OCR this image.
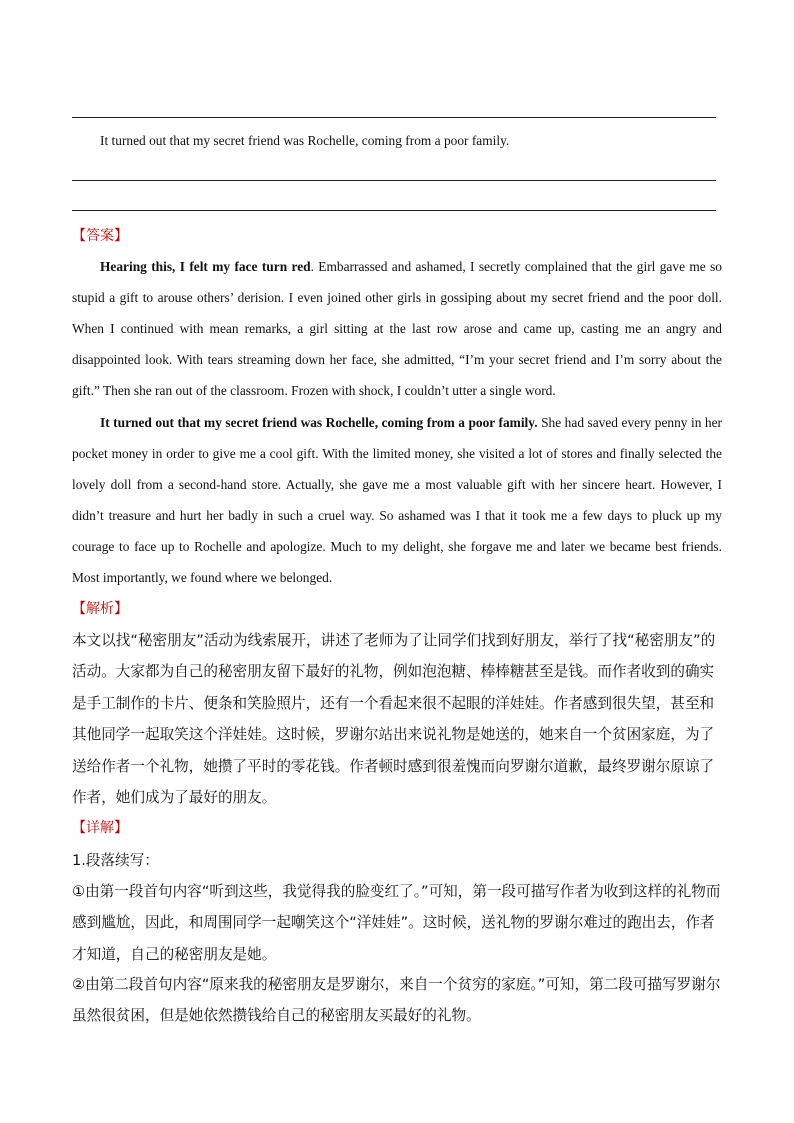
It turned out that my secret friend was Rochelle, coming from a poor family.

【答案】

Hearing this, I felt my face turn red. Embarrassed and ashamed, I secretly complained that the girl gave me so stupid a gift to arouse others’ derision. I even joined other girls in gossiping about my secret friend and the poor doll. When I continued with mean remarks, a girl sitting at the last row arose and came up, casting me an angry and disappointed look. With tears streaming down her face, she admitted, “I’m your secret friend and I’m sorry about the gift.” Then she ran out of the classroom. Frozen with shock, I couldn’t utter a single word.

It turned out that my secret friend was Rochelle, coming from a poor family. She had saved every penny in her pocket money in order to give me a cool gift. With the limited money, she visited a lot of stores and finally selected the lovely doll from a second-hand store. Actually, she gave me a most valuable gift with her sincere heart. However, I didn’t treasure and hurt her badly in such a cruel way. So ashamed was I that it took me a few days to pluck up my courage to face up to Rochelle and apologize. Much to my delight, she forgave me and later we became best friends. Most importantly, we found where we belonged.

【解析】

本文以找“秘密朋友”活动为线索展开，讲述了老师为了让同学们找到好朋友，举行了找“秘密朋友”的活动。大家都为自己的秘密朋友留下最好的礼物，例如泡泡糖、棒棒糖甚至是钱。而作者收到的确实是手工制作的卡片、便条和笑脸照片，还有一个看起来很不起眼的洋娃娃。作者感到很失望，甚至和其他同学一起取笑这个洋娃娃。这时候，罗谢尔站出来说礼物是她送的，她来自一个贫困家庭，为了送给作者一个礼物，她攒了平时的零花钱。作者顿时感到很羞愧而向罗谢尔道歉，最终罗谢尔原谅了作者，她们成为了最好的朋友。

【详解】

1.段落续写：

①由第一段首句内容“听到这些，我觉得我的脸变红了。”可知，第一段可描写作者为收到这样的礼物而感到尴尬，因此，和周围同学一起嘲笑这个“洋娃娃”。这时候，送礼物的罗谢尔难过的跑出去，作者才知道，自己的秘密朋友是她。

②由第二段首句内容“原来我的秘密朋友是罗谢尔，来自一个贫穷的家庭。”可知，第二段可描写罗谢尔虽然很贫困，但是她依然攒钱给自己的秘密朋友买最好的礼物。
